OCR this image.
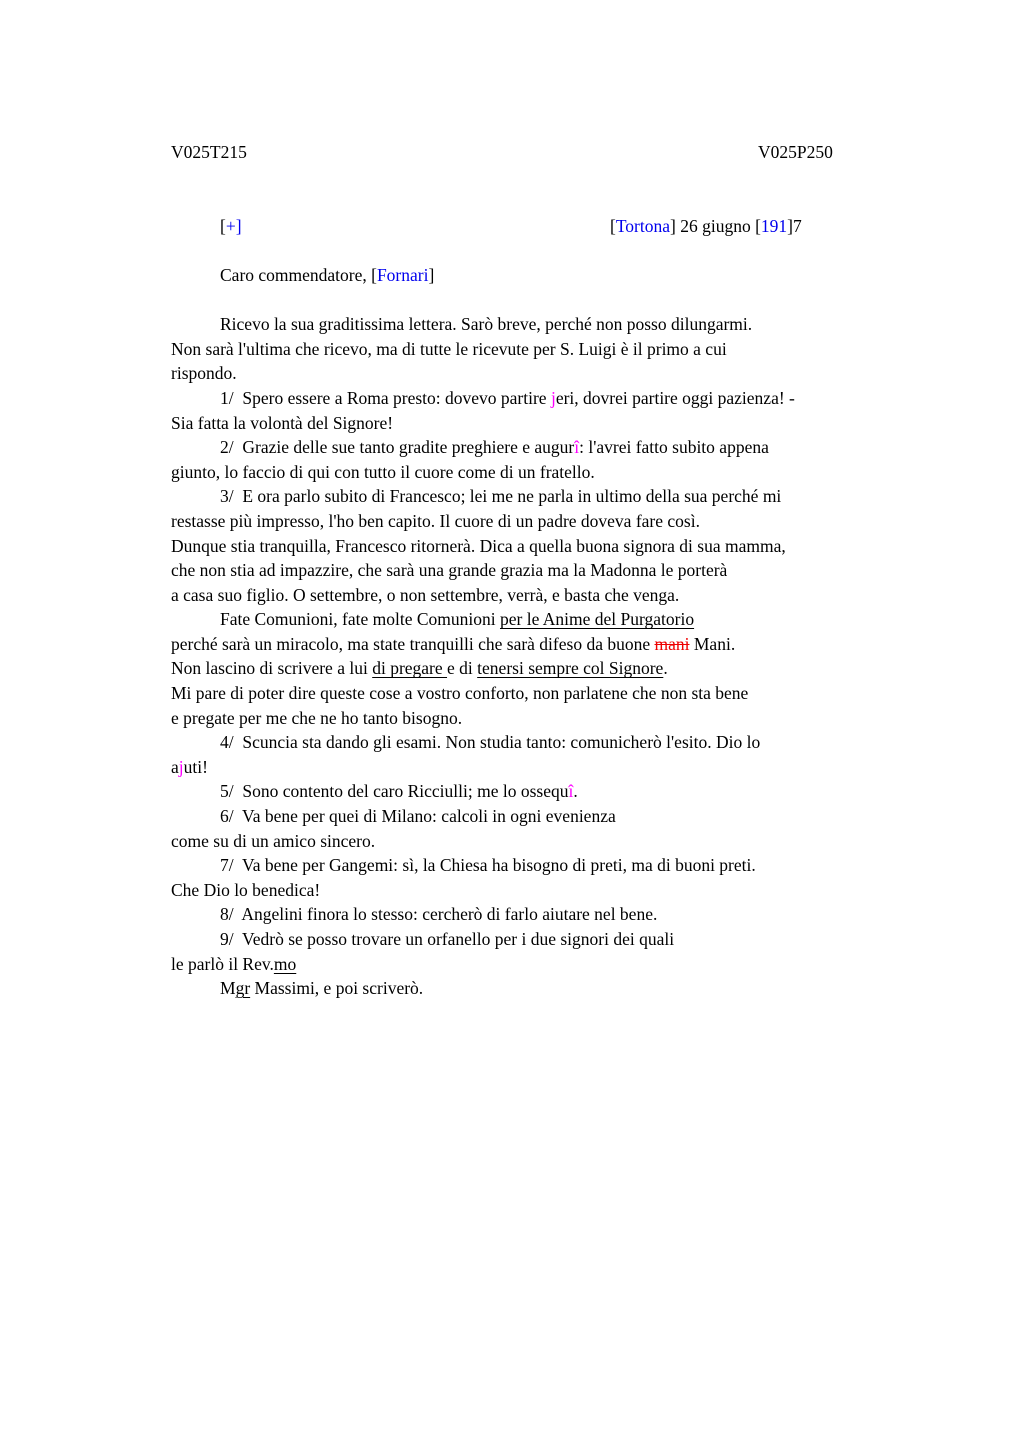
V025T215	V025P250
[+]	[Tortona] 26 giugno [191]7
Caro commendatore, [Fornari]
Ricevo la sua graditissima lettera. Sarò breve, perché non posso dilungarmi.
Non sarà l'ultima che ricevo, ma di tutte le ricevute per S. Luigi è il primo a cui
rispondo.
1/  Spero essere a Roma presto: dovevo partire jeri, dovrei partire oggi pazienza! -
Sia fatta la volontà del Signore!
2/  Grazie delle sue tanto gradite preghiere e augurî: l'avrei fatto subito appena
giunto, lo faccio di qui con tutto il cuore come di un fratello.
3/  E ora parlo subito di Francesco; lei me ne parla in ultimo della sua perché mi
restasse più impresso, l'ho ben capito. Il cuore di un padre doveva fare così.
Dunque stia tranquilla, Francesco ritornerà. Dica a quella buona signora di sua mamma,
che non stia ad impazzire, che sarà una grande grazia ma la Madonna le porterà
a casa suo figlio. O settembre, o non settembre, verrà, e basta che venga.
Fate Comunioni, fate molte Comunioni per le Anime del Purgatorio
perché sarà un miracolo, ma state tranquilli che sarà difeso da buone mani Mani.
Non lascino di scrivere a lui di pregare e di tenersi sempre col Signore.
Mi pare di poter dire queste cose a vostro conforto, non parlatene che non sta bene
e pregate per me che ne ho tanto bisogno.
4/  Scuncia sta dando gli esami. Non studia tanto: comunicherò l'esito. Dio lo
ajuti!
5/  Sono contento del caro Ricciulli; me lo ossequî.
6/  Va bene per quei di Milano: calcoli in ogni evenienza
come su di un amico sincero.
7/  Va bene per Gangemi: sì, la Chiesa ha bisogno di preti, ma di buoni preti.
Che Dio lo benedica!
8/  Angelini finora lo stesso: cercherò di farlo aiutare nel bene.
9/  Vedrò se posso trovare un orfanello per i due signori dei quali
le parlò il Rev.mo
Mgr Massimi, e poi scriverò.
